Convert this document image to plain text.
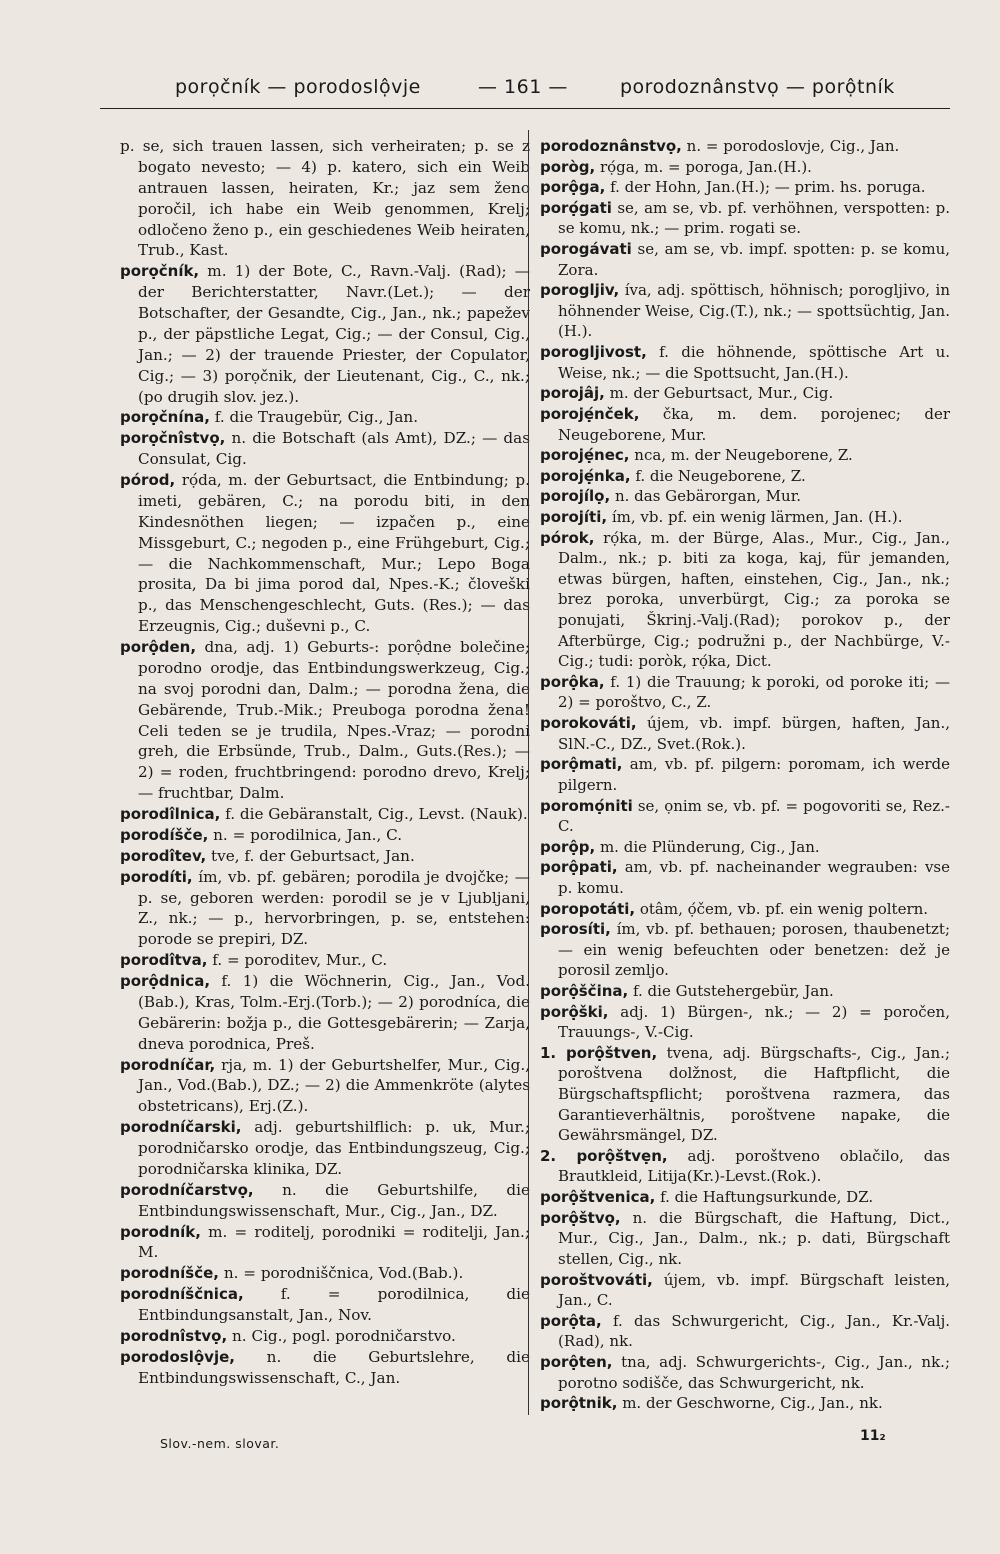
porọčník — porodoslộvje	— 161 —	porodoznânstvọ — porộtník

p. se, sich trauen lassen, sich verheiraten; p. se z bogato nevesto; — 4) p. katero, sich ein Weib antrauen lassen, heiraten, Kr.; jaz sem ženo poročil, ich habe ein Weib genommen, Krelj; odločeno ženo p., ein geschiedenes Weib heiraten, Trub., Kast.

porọčník, m. 1) der Bote, C., Ravn.-Valj. (Rad); — der Berichterstatter, Navr.(Let.); — der Botschafter, der Gesandte, Cig., Jan., nk.; papežev p., der päpstliche Legat, Cig.; — der Consul, Cig., Jan.; — 2) der trauende Priester, der Copulator, Cig.; — 3) porọčnik, der Lieutenant, Cig., C., nk.; (po drugih slov. jez.).

porọčnína, f. die Traugebür, Cig., Jan.

porọčnîstvọ, n. die Botschaft (als Amt), DZ.; — das Consulat, Cig.

pórod, rọ́da, m. der Geburtsact, die Entbindung; p. imeti, gebären, C.; na porodu biti, in den Kindesnöthen liegen; — izpačen p., eine Missgeburt, C.; negoden p., eine Frühgeburt, Cig.; — die Nachkommenschaft, Mur.; Lepo Boga prosita, Da bi jima porod dal, Npes.-K.; človeški p., das Menschengeschlecht, Guts. (Res.); — das Erzeugnis, Cig.; duševni p., C.

porộden, dna, adj. 1) Geburts-: porộdne bolečine; porodno orodje, das Entbindungswerkzeug, Cig.; na svoj porodni dan, Dalm.; — porodna žena, die Gebärende, Trub.-Mik.; Preuboga porodna žena! Celi teden se je trudila, Npes.-Vraz; — porodni greh, die Erbsünde, Trub., Dalm., Guts.(Res.); — 2) = roden, fruchtbringend: porodno drevo, Krelj; — fruchtbar, Dalm.

porodîlnica, f. die Gebäranstalt, Cig., Levst. (Nauk).

porodíšče, n. = porodilnica, Jan., C.

porodîtev, tve, f. der Geburtsact, Jan.

porodíti, ím, vb. pf. gebären; porodila je dvojčke; — p. se, geboren werden: porodil se je v Ljubljani, Z., nk.; — p., hervorbringen, p. se, entstehen: porode se prepiri, DZ.

porodîtva, f. = poroditev, Mur., C.

porộdnica, f. 1) die Wöchnerin, Cig., Jan., Vod.(Bab.), Kras, Tolm.-Erj.(Torb.); — 2) porodníca, die Gebärerin: božja p., die Gottesgebärerin; — Zarja, dneva porodnica, Preš.

porodníčar, rja, m. 1) der Geburtshelfer, Mur., Cig., Jan., Vod.(Bab.), DZ.; — 2) die Ammenkröte (alytes obstetricans), Erj.(Z.).

porodníčarski, adj. geburtshilflich: p. uk, Mur.; porodničarsko orodje, das Entbindungszeug, Cig.; porodničarska klinika, DZ.

porodníčarstvọ, n. die Geburtshilfe, die Entbindungswissenschaft, Mur., Cig., Jan., DZ.

porodník, m. = roditelj, porodniki = roditelji, Jan.; M.

porodníšče, n. = porodniščnica, Vod.(Bab.).

porodníščnica, f. = porodilnica, die Entbindungsanstalt, Jan., Nov.

porodnîstvọ, n. Cig., pogl. porodničarstvo.

porodoslộvje, n. die Geburtslehre, die Entbindungswissenschaft, C., Jan.

porodoznânstvọ, n. = porodoslovje, Cig., Jan.

poròg, rọ́ga, m. = poroga, Jan.(H.).

porộga, f. der Hohn, Jan.(H.); — prim. hs. poruga.

porọ́gati se, am se, vb. pf. verhöhnen, verspotten: p. se komu, nk.; — prim. rogati se.

porogávati se, am se, vb. impf. spotten: p. se komu, Zora.

poroglji̇v, íva, adj. spöttisch, höhnisch; poroglji̇vo, in höhnender Weise, Cig.(T.), nk.; — spottsüchtig, Jan.(H.).

poroglji̇vost, f. die höhnende, spöttische Art u. Weise, nk.; — die Spottsucht, Jan.(H.).

porojâj, m. der Geburtsact, Mur., Cig.

porojẹ́nček, čka, m. dem. porojenec; der Neugeborene, Mur.

porojẹ́nec, nca, m. der Neugeborene, Z.

porojẹ́nka, f. die Neugeborene, Z.

porojílọ, n. das Gebärorgan, Mur.

porojíti, ím, vb. pf. ein wenig lärmen, Jan. (H.).

pórok, rọ́ka, m. der Bürge, Alas., Mur., Cig., Jan., Dalm., nk.; p. biti za koga, kaj, für jemanden, etwas bürgen, haften, einstehen, Cig., Jan., nk.; brez poroka, unverbürgt, Cig.; za poroka se ponujati, Škrinj.-Valj.(Rad); porokov p., der Afterbürge, Cig.; podružni p., der Nachbürge, V.-Cig.; tudi: poròk, rọ́ka, Dict.

porộka, f. 1) die Trauung; k poroki, od poroke iti; — 2) = poroštvo, C., Z.

porokováti, újem, vb. impf. bürgen, haften, Jan., SlN.-C., DZ., Svet.(Rok.).

porộmati, am, vb. pf. pilgern: poromam, ich werde pilgern.

poromọ́niti se, ọnim se, vb. pf. = pogovoriti se, Rez.-C.

porộp, m. die Plünderung, Cig., Jan.

porộpati, am, vb. pf. nacheinander wegrauben: vse p. komu.

poropotáti, otâm, ọ́čem, vb. pf. ein wenig poltern.

porosíti, ím, vb. pf. bethauen; porosen, thaubenetzt; — ein wenig befeuchten oder benetzen: dež je porosil zemljo.

porộščina, f. die Gutstehergebür, Jan.

porộški, adj. 1) Bürgen-, nk.; — 2) = poročen, Trauungs-, V.-Cig.

1. porộštven, tvena, adj. Bürgschafts-, Cig., Jan.; poroštvena dolžnost, die Haftpflicht, die Bürgschaftspflicht; poroštvena razmera, das Garantieverhältnis, poroštvene napake, die Gewährsmängel, DZ.

2. porộštvẹn, adj. poroštveno oblačilo, das Brautkleid, Litija(Kr.)-Levst.(Rok.).

porộštvenica, f. die Haftungsurkunde, DZ.

porộštvọ, n. die Bürgschaft, die Haftung, Dict., Mur., Cig., Jan., Dalm., nk.; p. dati, Bürgschaft stellen, Cig., nk.

poroštvováti, újem, vb. impf. Bürgschaft leisten, Jan., C.

porộta, f. das Schwurgericht, Cig., Jan., Kr.-Valj.(Rad), nk.

porộten, tna, adj. Schwurgerichts-, Cig., Jan., nk.; porotno sodišče, das Schwurgericht, nk.

porộtnik, m. der Geschworne, Cig., Jan., nk.

Slov.-nem. slovar.	11₂
